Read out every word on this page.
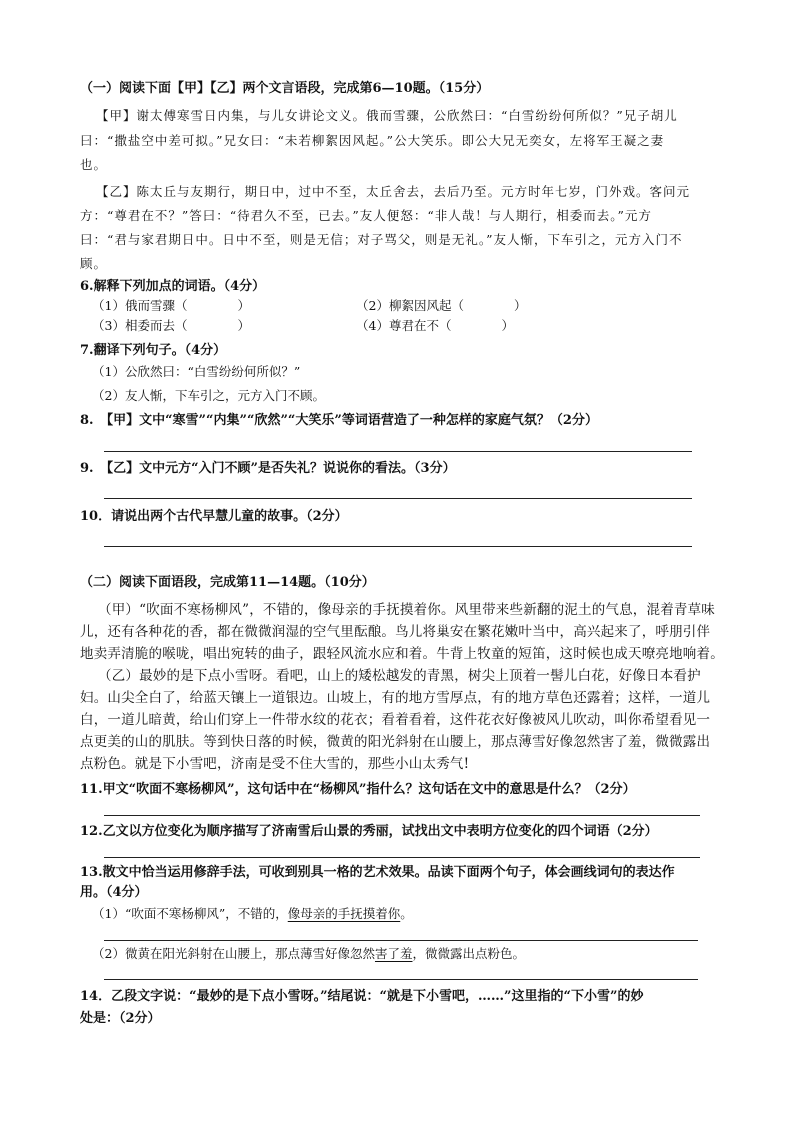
（一）阅读下面【甲】【乙】两个文言语段，完成第6—10题。（15分）
【甲】谢太傅寒雪日内集，与儿女讲论文义。俄而雪骤，公欣然曰：“白雪纷纷何所似？”兄子胡儿
曰：“撒盐空中差可拟。”兄女曰：“未若柳絮因风起。”公大笑乐。即公大兄无奕女，左将军王凝之妻
也。
【乙】陈太丘与友期行，期日中，过中不至，太丘舍去，去后乃至。元方时年七岁，门外戏。客问元
方：“尊君在不？”答曰：“待君久不至，已去。”友人便怒：“非人哉！与人期行，相委而去。”元方
曰：“君与家君期日中。日中不至，则是无信；对子骂父，则是无礼。”友人惭，下车引之，元方入门不
顾。
6.解释下列加点的词语。（4分）
（1）俄而雪骤（　　　　）	（2）柳絮因风起（　　　　）
（3）相委而去（　　　　）	（4）尊君在不（　　　　）
7.翻译下列句子。（4分）
（1）公欣然曰：“白雪纷纷何所似？”
（2）友人惭，下车引之，元方入门不顾。
8.　【甲】文中“寒雪”“内集”“欣然”“大笑乐”等词语营造了一种怎样的家庭气氛？（2分）
9.　【乙】文中元方“入门不顾”是否失礼？说说你的看法。（3分）
10．请说出两个古代早慧儿童的故事。（2分）
（二）阅读下面语段，完成第11—14题。（10分）
（甲）“吹面不寒杨柳风”，不错的，像母亲的手抚摸着你。风里带来些新翻的泥土的气息，混着青草味
儿，还有各种花的香，都在微微润湿的空气里酝酿。鸟儿将巢安在繁花嫩叶当中，高兴起来了，呼朋引伴
地卖弄清脆的喉咙，唱出宛转的曲子，跟轻风流水应和着。牛背上牧童的短笛，这时候也成天嘹亮地响着。
（乙）最妙的是下点小雪呀。看吧，山上的矮松越发的青黑，树尖上顶着一髻儿白花，好像日本看护
妇。山尖全白了，给蓝天镶上一道银边。山坡上，有的地方雪厚点，有的地方草色还露着；这样，一道儿
白，一道儿暗黄，给山们穿上一件带水纹的花衣；看着看着，这件花衣好像被风儿吹动，叫你希望看见一
点更美的山的肌肤。等到快日落的时候，微黄的阳光斜射在山腰上，那点薄雪好像忽然害了羞，微微露出
点粉色。就是下小雪吧，济南是受不住大雪的，那些小山太秀气!
11.甲文“吹面不寒杨柳风”，这句话中在“杨柳风”指什么？这句话在文中的意思是什么？（2分）
12.乙文以方位变化为顺序描写了济南雪后山景的秀丽，试找出文中表明方位变化的四个词语（2分）
13.散文中恰当运用修辞手法，可收到别具一格的艺术效果。品读下面两个句子，体会画线词句的表达作
用。（4分）
（1）“吹面不寒杨柳风”，不错的，像母亲的手抚摸着你。
（2）微黄在阳光斜射在山腰上，那点薄雪好像忽然害了羞，微微露出点粉色。
14．乙段文字说：“最妙的是下点小雪呀。”结尾说：“就是下小雪吧，……”这里指的“下小雪”的妙
处是：（2分）
